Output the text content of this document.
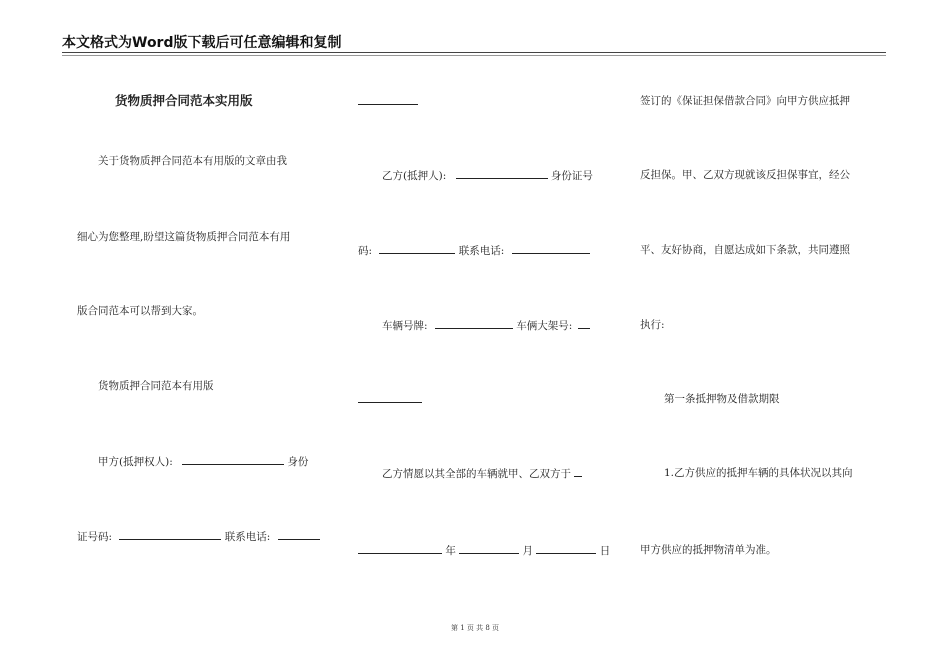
本文格式为Word版下载后可任意编辑和复制
货物质押合同范本实用版
关于货物质押合同范本有用版的文章由我
细心为您整理,盼望这篇货物质押合同范本有用
版合同范本可以帮到大家。
货物质押合同范本有用版
甲方(抵押权人):	身份
证号码:	联系电话:
乙方(抵押人):	身份证号
码:	联系电话:
车辆号牌:	车俩大架号:
乙方情愿以其全部的车辆就甲、乙双方于
年	月	日
签订的《保证担保借款合同》向甲方供应抵押
反担保。甲、乙双方现就该反担保事宜，经公
平、友好协商，自愿达成如下条款，共同遵照
执行:
第一条抵押物及借款期限
1.乙方供应的抵押车辆的具体状况以其向
甲方供应的抵押物清单为准。
第 1 页 共 8 页
